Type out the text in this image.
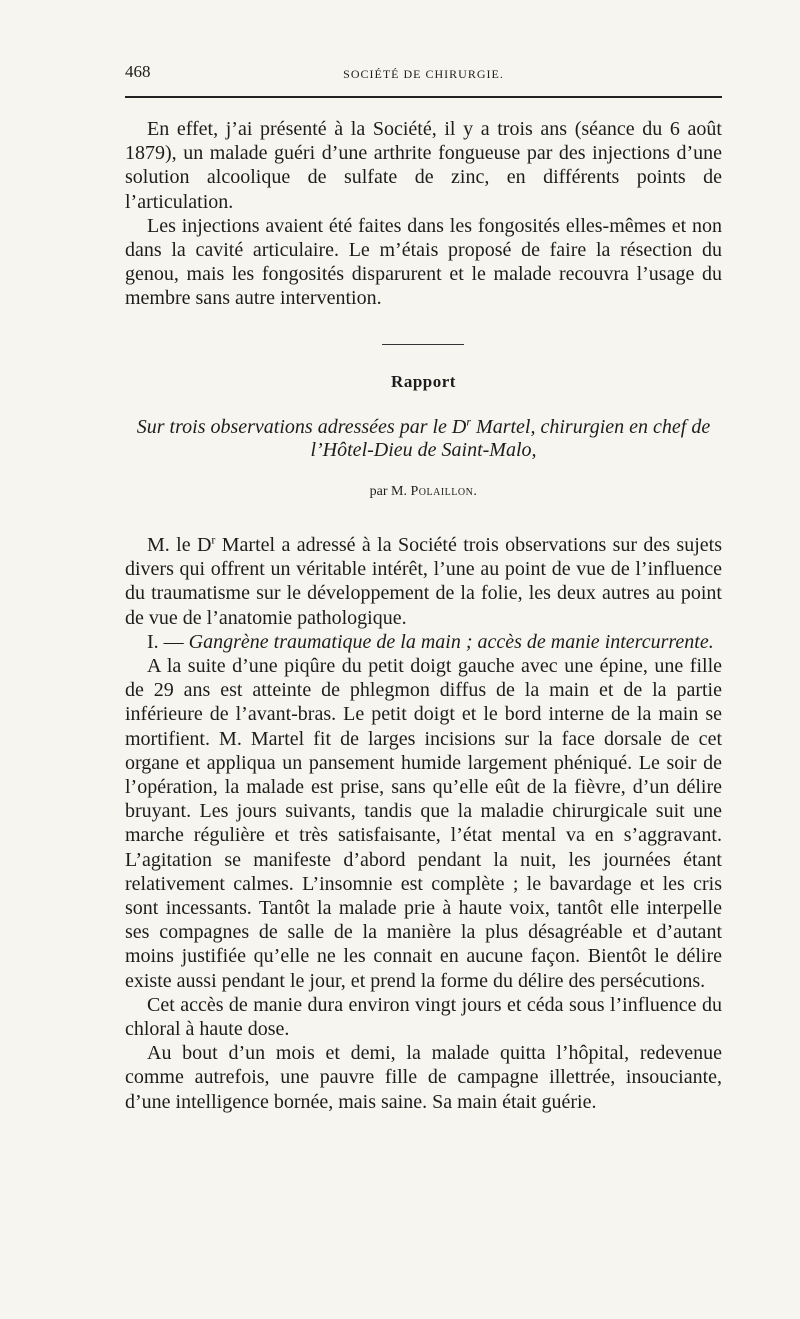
468	SOCIÉTÉ DE CHIRURGIE.

En effet, j’ai présenté à la Société, il y a trois ans (séance du 6 août 1879), un malade guéri d’une arthrite fongueuse par des injections d’une solution alcoolique de sulfate de zinc, en différents points de l’articulation.

Les injections avaient été faites dans les fongosités elles-mêmes et non dans la cavité articulaire. Le m’étais proposé de faire la résection du genou, mais les fongosités disparurent et le malade recouvra l’usage du membre sans autre intervention.

Rapport
Sur trois observations adressées par le $D^r$ Martel, chirurgien en chef de l’Hôtel-Dieu de Saint-Malo,
par M. Polaillon.

M. le $D^r$ Martel a adressé à la Société trois observations sur des sujets divers qui offrent un véritable intérêt, l’une au point de vue de l’influence du traumatisme sur le développement de la folie, les deux autres au point de vue de l’anatomie pathologique.

I. — Gangrène traumatique de la main ; accès de manie intercurrente.

A la suite d’une piqûre du petit doigt gauche avec une épine, une fille de 29 ans est atteinte de phlegmon diffus de la main et de la partie inférieure de l’avant-bras. Le petit doigt et le bord interne de la main se mortifient. M. Martel fit de larges incisions sur la face dorsale de cet organe et appliqua un pansement humide largement phéniqué. Le soir de l’opération, la malade est prise, sans qu’elle eût de la fièvre, d’un délire bruyant. Les jours suivants, tandis que la maladie chirurgicale suit une marche régulière et très satisfaisante, l’état mental va en s’aggravant. L’agitation se manifeste d’abord pendant la nuit, les journées étant relativement calmes. L’insomnie est complète ; le bavardage et les cris sont incessants. Tantôt la malade prie à haute voix, tantôt elle interpelle ses compagnes de salle de la manière la plus désagréable et d’autant moins justifiée qu’elle ne les connait en aucune façon. Bientôt le délire existe aussi pendant le jour, et prend la forme du délire des persécutions.

Cet accès de manie dura environ vingt jours et céda sous l’influence du chloral à haute dose.

Au bout d’un mois et demi, la malade quitta l’hôpital, redevenue comme autrefois, une pauvre fille de campagne illettrée, insouciante, d’une intelligence bornée, mais saine. Sa main était guérie.
